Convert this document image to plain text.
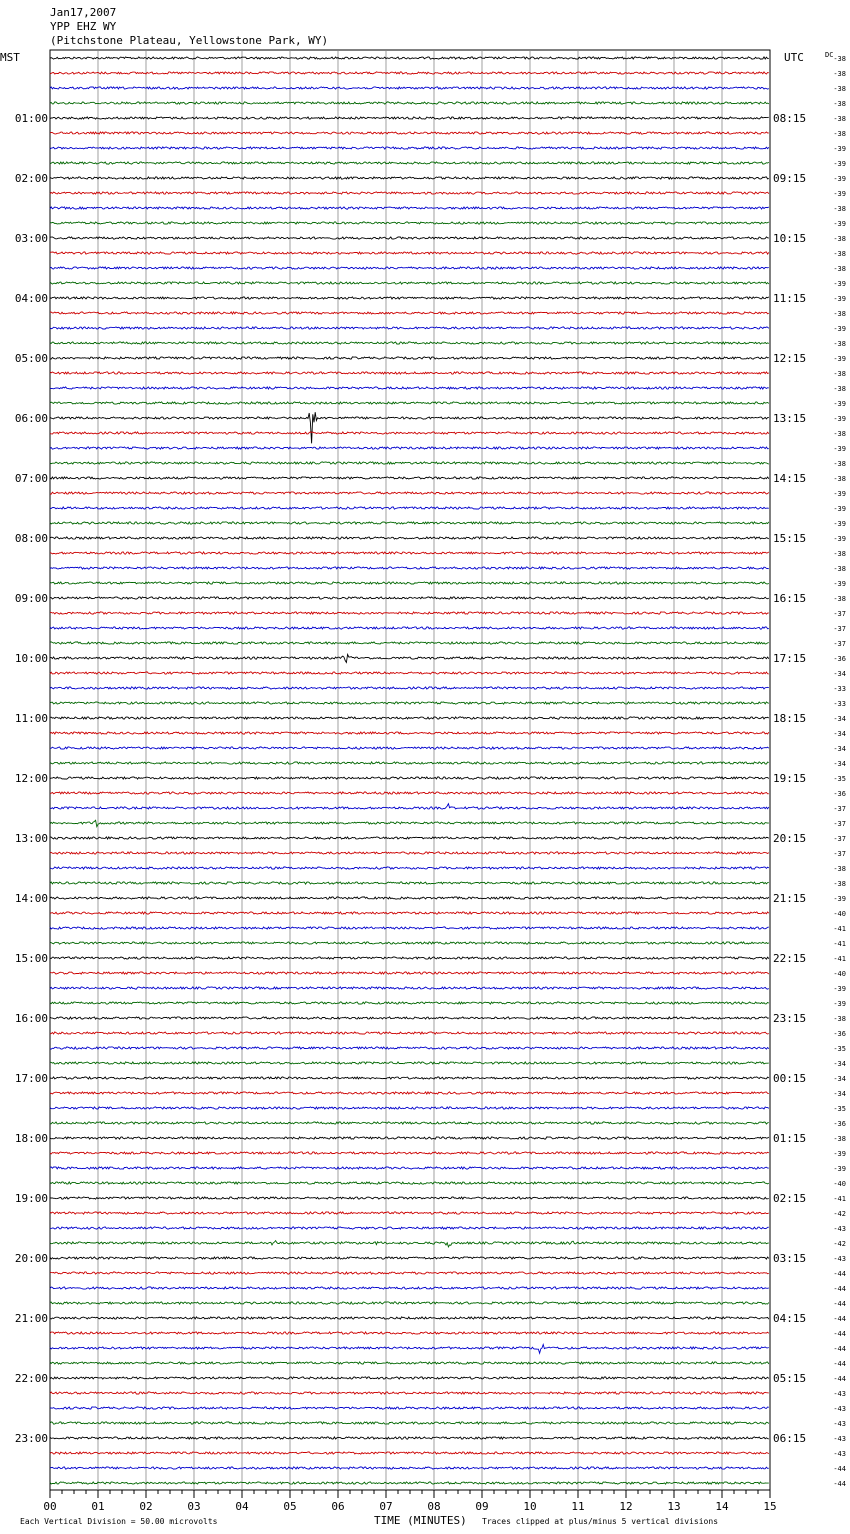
Jan17,2007
YPP EHZ WY
(Pitchstone Plateau, Yellowstone Park, WY)
-38
-38
-38
-38
-38
-38
-39
-39
-39
-39
-38
-39
-38
-38
-38
-39
-39
-38
-39
-38
-39
-38
-38
-39
-39
-38
-39
-38
-38
-39
-39
-39
-39
-38
-38
-39
-38
-37
-37
-37
-36
-34
-33
-33
-34
-34
-34
-34
-35
-36
-37
-37
-37
-37
-38
-38
-39
-40
-41
-41
-41
-40
-39
-39
-38
-36
-35
-34
-34
-34
-35
-36
-38
-39
-39
-40
-41
-42
-43
-42
-43
-44
-44
-44
-44
-44
-44
-44
-44
-43
-43
-43
-43
-43
-44
-44
01:00
02:00
03:00
04:00
05:00
06:00
07:00
08:00
09:00
10:00
11:00
12:00
13:00
14:00
15:00
16:00
17:00
18:00
19:00
20:00
21:00
22:00
23:00
08:15
09:15
10:15
11:15
12:15
13:15
14:15
15:15
16:15
17:15
18:15
19:15
20:15
21:15
22:15
23:15
00:15
01:15
02:15
03:15
04:15
05:15
06:15
MST	UTC	DC
00	01	02	03	04	05	06	07	08	09	10	11	12	13	14	15
Each Vertical Division = 50.00 microvolts	TIME (MINUTES) Traces clipped at plus/minus 5 vertical divisions
